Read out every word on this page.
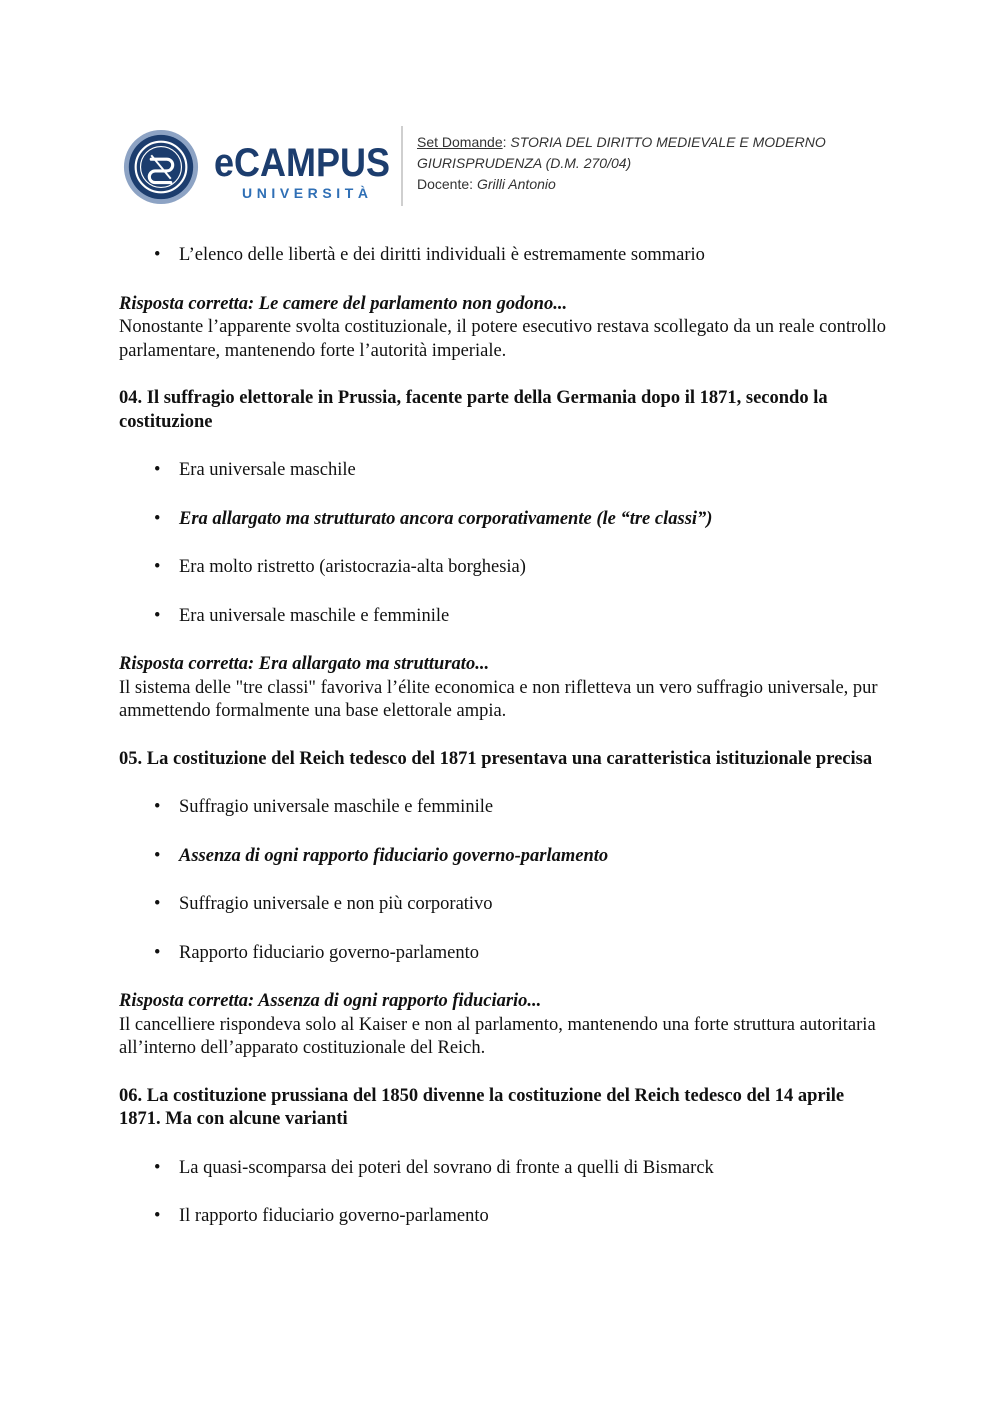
eCAMPUS
UNIVERSITÀ
Set Domande: STORIA DEL DIRITTO MEDIEVALE E MODERNO
GIURISPRUDENZA (D.M. 270/04)
Docente: Grilli Antonio
• L’elenco delle libertà e dei diritti individuali è estremamente sommario

Risposta corretta: Le camere del parlamento non godono...

Nonostante l’apparente svolta costituzionale, il potere esecutivo restava scollegato da un reale controllo parlamentare, mantenendo forte l’autorità imperiale.

04. Il suffragio elettorale in Prussia, facente parte della Germania dopo il 1871, secondo la costituzione

• Era universale maschile
• Era allargato ma strutturato ancora corporativamente (le “tre classi”)
• Era molto ristretto (aristocrazia-alta borghesia)
• Era universale maschile e femminile

Risposta corretta: Era allargato ma strutturato...

Il sistema delle "tre classi" favoriva l’élite economica e non rifletteva un vero suffragio universale, pur ammettendo formalmente una base elettorale ampia.

05. La costituzione del Reich tedesco del 1871 presentava una caratteristica istituzionale precisa

• Suffragio universale maschile e femminile
• Assenza di ogni rapporto fiduciario governo-parlamento
• Suffragio universale e non più corporativo
• Rapporto fiduciario governo-parlamento

Risposta corretta: Assenza di ogni rapporto fiduciario...

Il cancelliere rispondeva solo al Kaiser e non al parlamento, mantenendo una forte struttura autoritaria all’interno dell’apparato costituzionale del Reich.

06. La costituzione prussiana del 1850 divenne la costituzione del Reich tedesco del 14 aprile 1871. Ma con alcune varianti

• La quasi-scomparsa dei poteri del sovrano di fronte a quelli di Bismarck
• Il rapporto fiduciario governo-parlamento
